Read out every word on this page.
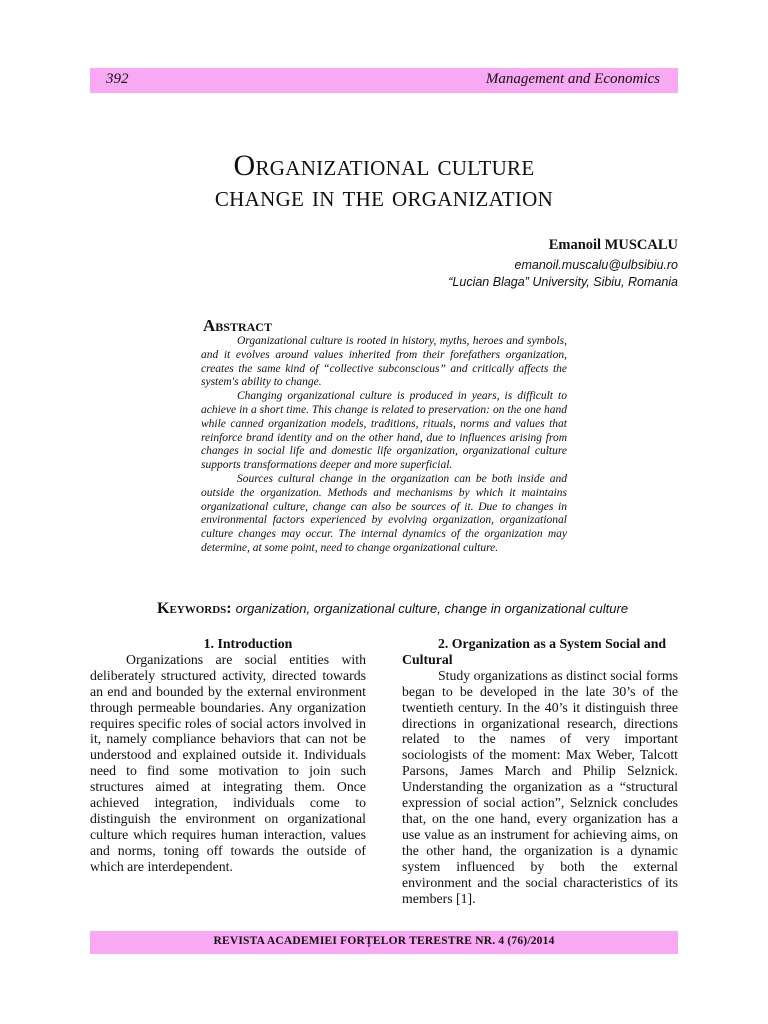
392	Management and Economics
Organizational culture
change in the organization
Emanoil MUSCALU
emanoil.muscalu@ulbsibiu.ro
“Lucian Blaga” University, Sibiu, Romania
Abstract

Organizational culture is rooted in history, myths, heroes and symbols, and it evolves around values inherited from their forefathers organization, creates the same kind of “collective subconscious” and critically affects the system's ability to change.

Changing organizational culture is produced in years, is difficult to achieve in a short time. This change is related to preservation: on the one hand while canned organization models, traditions, rituals, norms and values that reinforce brand identity and on the other hand, due to influences arising from changes in social life and domestic life organization, organizational culture supports transformations deeper and more superficial.

Sources cultural change in the organization can be both inside and outside the organization. Methods and mechanisms by which it maintains organizational culture, change can also be sources of it. Due to changes in environmental factors experienced by evolving organization, organizational culture changes may occur. The internal dynamics of the organization may determine, at some point, need to change organizational culture.

Keywords: organization, organizational culture, change in organizational culture
1. Introduction

Organizations are social entities with deliberately structured activity, directed towards an end and bounded by the external environment through permeable boundaries. Any organization requires specific roles of social actors involved in it, namely compliance behaviors that can not be understood and explained outside it. Individuals need to find some motivation to join such structures aimed at integrating them. Once achieved integration, individuals come to distinguish the environment on organizational culture which requires human interaction, values and norms, toning off towards the outside of which are interdependent.

2. Organization as a System Social and Cultural

Study organizations as distinct social forms began to be developed in the late 30’s of the twentieth century. In the 40’s it distinguish three directions in organizational research, directions related to the names of very important sociologists of the moment: Max Weber, Talcott Parsons, James March and Philip Selznick. Understanding the organization as a “structural expression of social action”, Selznick concludes that, on the one hand, every organization has a use value as an instrument for achieving aims, on the other hand, the organization is a dynamic system influenced by both the external environment and the social characteristics of its members [1].

REVISTA ACADEMIEI FORȚELOR TERESTRE NR. 4 (76)/2014
